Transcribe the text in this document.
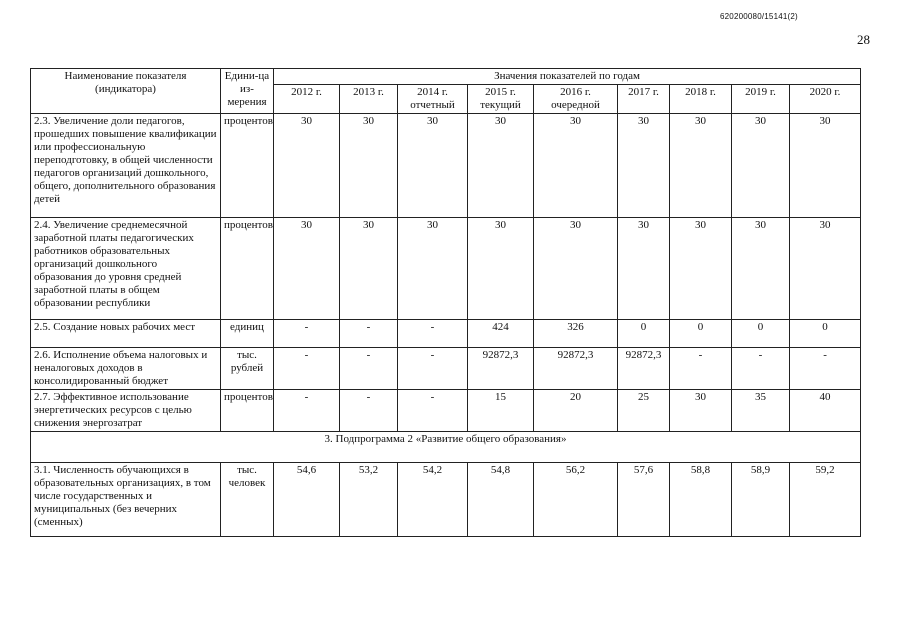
620200080/15141(2)
28
Наименование показателя (индикатора)	Едини-ца из-мерения	Значения показателей по годам								
		2012 г.	2013 г.	2014 г. отчетный	2015 г. текущий	2016 г. очередной	2017 г.	2018 г.	2019 г.	2020 г.
2.3. Увеличение доли педагогов, прошедших повышение квалификации или профессиональную переподготовку, в общей численности педагогов организаций дошкольного, общего, дополнительного образования детей	процентов	30	30	30	30	30	30	30	30	30
2.4. Увеличение среднемесячной заработной платы педагогических работников образовательных организаций дошкольного образования до уровня средней заработной платы в общем образовании республики	процентов	30	30	30	30	30	30	30	30	30
2.5. Создание новых рабочих мест	единиц	-	-	-	424	326	0	0	0	0
2.6. Исполнение объема налоговых и неналоговых доходов в консолидированный бюджет	тыс. рублей	-	-	-	92872,3	92872,3	92872,3	-	-	-
2.7. Эффективное использование энергетических ресурсов с целью снижения энергозатрат	процентов	-	-	-	15	20	25	30	35	40
3. Подпрограмма 2 «Развитие общего образования»										
3.1. Численность обучающихся в образовательных организациях, в том числе государственных и муниципальных (без вечерних (сменных)	тыс. человек	54,6	53,2	54,2	54,8	56,2	57,6	58,8	58,9	59,2
